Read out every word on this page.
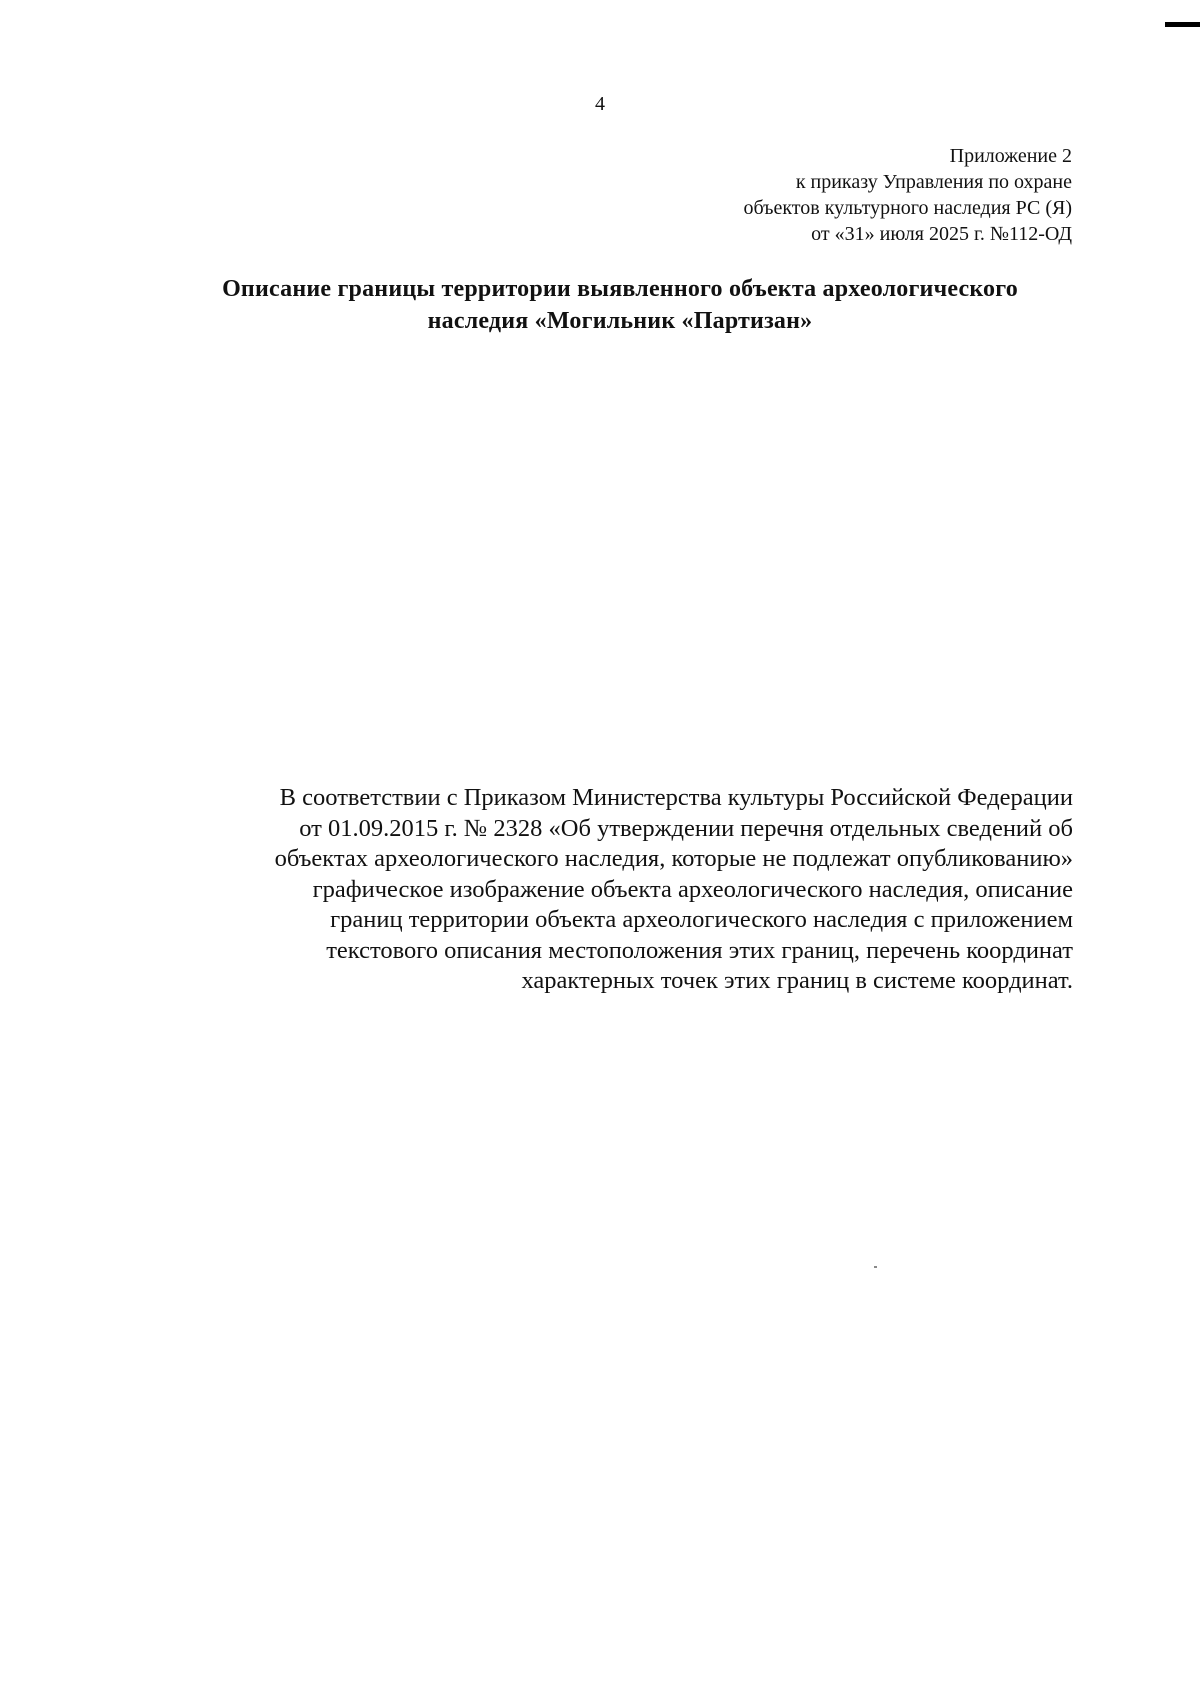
4
Приложение 2
к приказу Управления по охране
объектов культурного наследия РС (Я)
от «31» июля 2025 г. №112-ОД
Описание границы территории выявленного объекта археологического
наследия «Могильник «Партизан»
В соответствии с Приказом Министерства культуры Российской Федерации
от 01.09.2015 г. № 2328 «Об утверждении перечня отдельных сведений об
объектах археологического наследия, которые не подлежат опубликованию»
графическое изображение объекта археологического наследия, описание
границ территории объекта археологического наследия с приложением
текстового описания местоположения этих границ, перечень координат
характерных точек этих границ в системе координат.
